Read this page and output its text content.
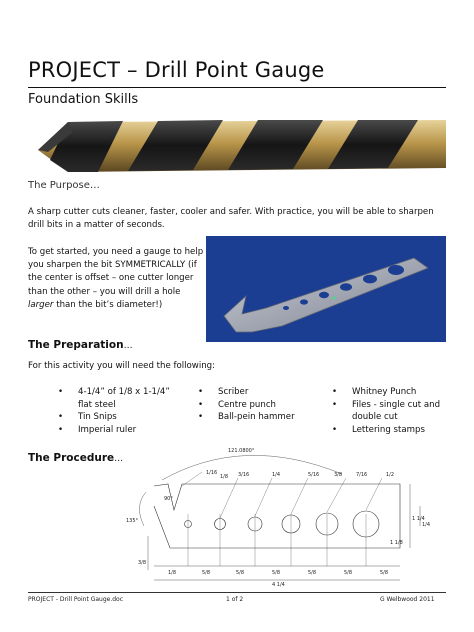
PROJECT – Drill Point Gauge
Foundation Skills
The Purpose…
A sharp cutter cuts cleaner, faster, cooler and safer. With practice, you will be able to sharpen drill bits in a matter of seconds.
To get started, you need a gauge to help you sharpen the bit SYMMETRICALLY (if the center is offset – one cutter longer than the other – you will drill a hole larger than the bit’s diameter!)
The Preparation…
For this activity you will need the following:
• 4-1/4” of 1/8 x 1-1/4” flat steel
• Tin Snips
• Imperial ruler
• Scriber
• Centre punch
• Ball-pein hammer
• Whitney Punch
• Files - single cut and double cut
• Lettering stamps
The Procedure…
121.0800°
90°
135°
1/16
1/8 3/16	1/4	5/16	3/8	7/16	1/2
3/8
1/4
1 1/4
1 1/8
1/8	5/8	5/8	5/8	5/8	5/8	5/8
4 1/4
PROJECT - Drill Point Gauge.doc	1 of 2	G Welbwood 2011
